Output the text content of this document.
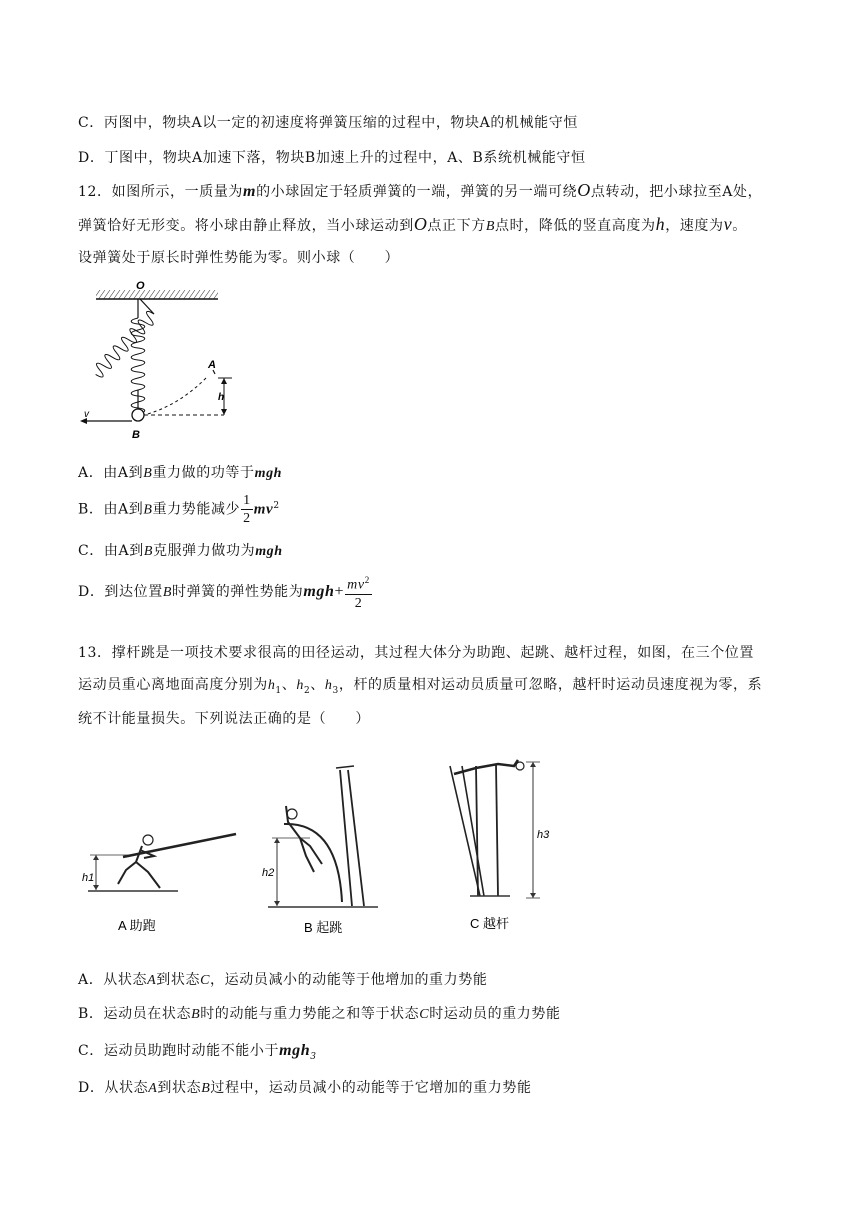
C．丙图中，物块A以一定的初速度将弹簧压缩的过程中，物块A的机械能守恒
D．丁图中，物块A加速下落，物块B加速上升的过程中，A、B系统机械能守恒
12．如图所示，一质量为m的小球固定于轻质弹簧的一端，弹簧的另一端可绕O点转动，把小球拉至A处，
弹簧恰好无形变。将小球由静止释放，当小球运动到O点正下方B点时，降低的竖直高度为h，速度为v。
设弹簧处于原长时弹性势能为零。则小球（　　）
O
B
A
h
v
A．由A到B重力做的功等于mgh
B．由A到B重力势能减少 $\frac{1}{2} mv^2$
C．由A到B克服弹力做功为mgh
D．到达位置B时弹簧的弹性势能为$mgh+ \frac{mv^2}{2}$
13．撑杆跳是一项技术要求很高的田径运动，其过程大体分为助跑、起跳、越杆过程，如图，在三个位置
运动员重心离地面高度分别为$h_1$、$h_2$、$h_3$，杆的质量相对运动员质量可忽略，越杆时运动员速度视为零，系
统不计能量损失。下列说法正确的是（　　）
h1
A 助跑
h2
B 起跳
h3
C 越杆
A．从状态A到状态C，运动员减小的动能等于他增加的重力势能
B．运动员在状态B时的动能与重力势能之和等于状态C时运动员的重力势能
C．运动员助跑时动能不能小于mgh$_3$
D．从状态A到状态B过程中，运动员减小的动能等于它增加的重力势能
